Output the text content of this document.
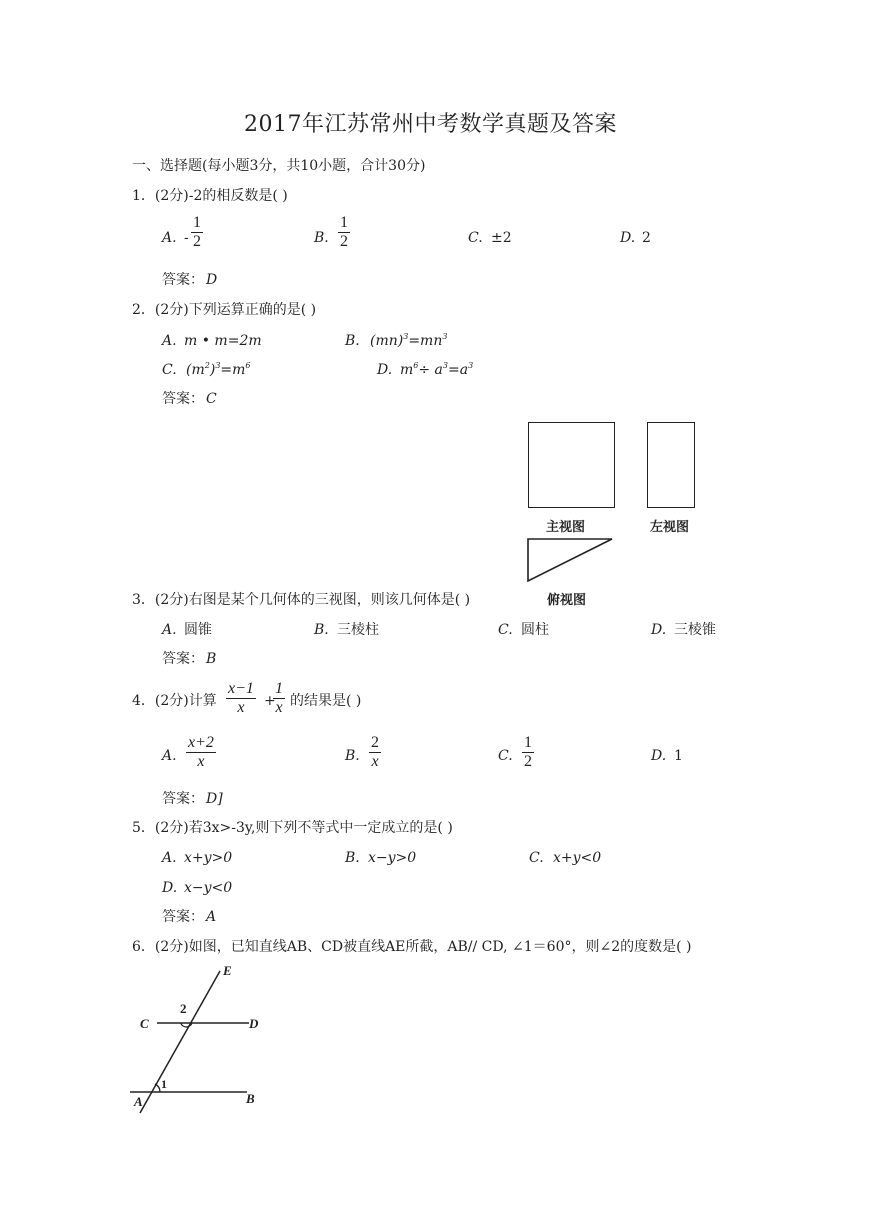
2017年江苏常州中考数学真题及答案
一、选择题(每小题3分，共10小题，合计30分)
1．(2分)-2的相反数是( )
A. -
1
2	B.
1
2	C. ±2	D. 2
答案： D
2．(2分)下列运算正确的是( )
A. m • m=2m	B. $(mn)^3=mn^3$
C. $(m^2)^3=m^6$	D. $m^6\div a^3=a^3$
答案： C
主视图	左视图
俯视图
3．(2分)右图是某个几何体的三视图，则该几何体是( )
A. 圆锥	B. 三棱柱	C. 圆柱	D. 三棱锥
答案： B
4．(2分)计算
x−1
x +
1
x 的结果是( )
A.
x+2
x	B.
2
x	C.
1
2	D. 1
答案： D]
5．(2分)若3x>-3y,则下列不等式中一定成立的是( )
A. x+y>0	B. x−y>0	C. x+y<0
D. x−y<0
答案： A
6．(2分)如图，已知直线AB、CD被直线AE所截，AB// CD, ∠1＝60°，则∠2的度数是( )
E
C	D
2
1
A	B
